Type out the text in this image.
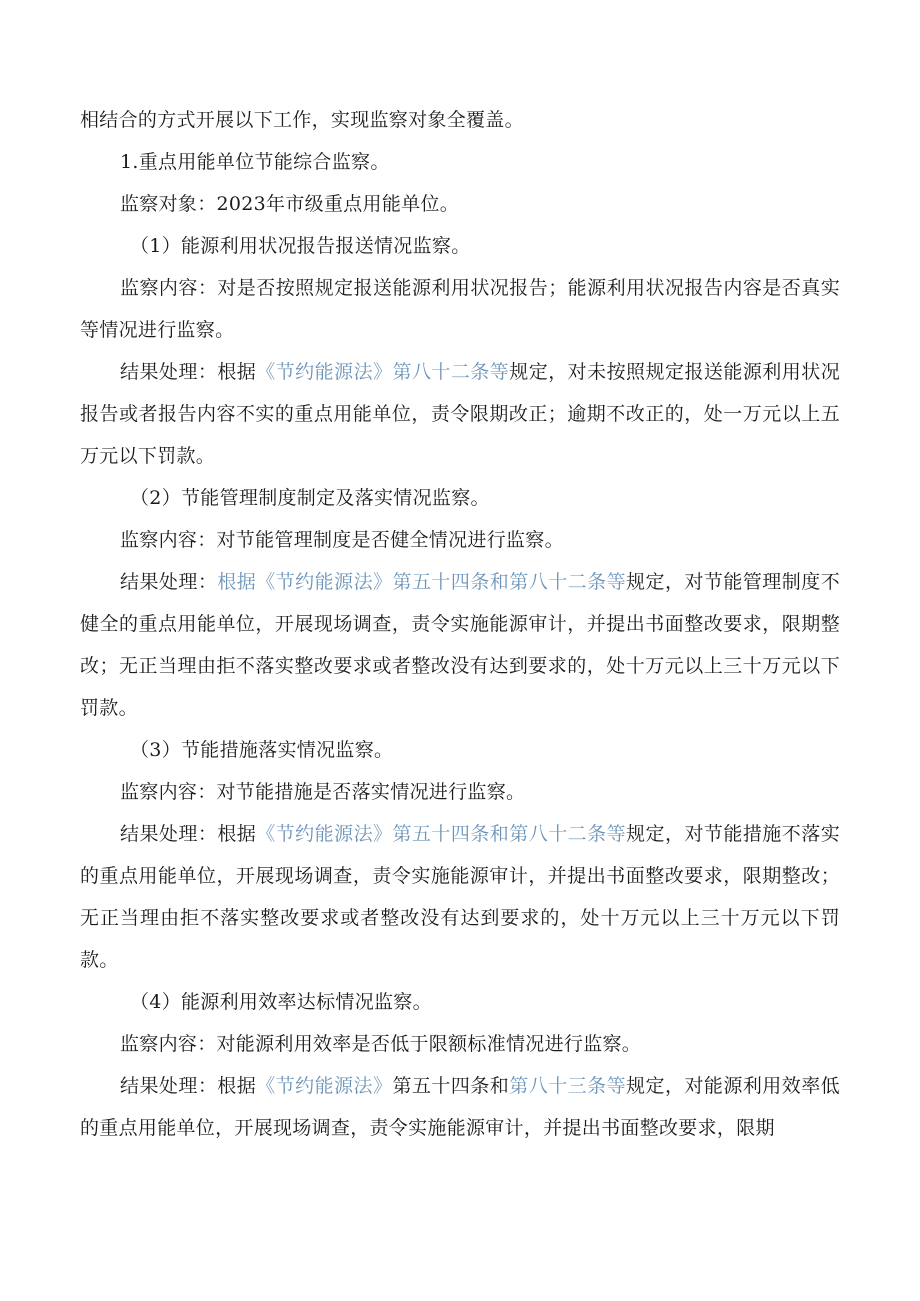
相结合的方式开展以下工作，实现监察对象全覆盖。

1.重点用能单位节能综合监察。

监察对象：2023年市级重点用能单位。

（1）能源利用状况报告报送情况监察。

监察内容：对是否按照规定报送能源利用状况报告；能源利用状况报告内容是否真实等情况进行监察。

结果处理：根据《节约能源法》第八十二条等规定，对未按照规定报送能源利用状况报告或者报告内容不实的重点用能单位，责令限期改正；逾期不改正的，处一万元以上五万元以下罚款。

（2）节能管理制度制定及落实情况监察。

监察内容：对节能管理制度是否健全情况进行监察。

结果处理：根据《节约能源法》第五十四条和第八十二条等规定，对节能管理制度不健全的重点用能单位，开展现场调查，责令实施能源审计，并提出书面整改要求，限期整改；无正当理由拒不落实整改要求或者整改没有达到要求的，处十万元以上三十万元以下罚款。

（3）节能措施落实情况监察。

监察内容：对节能措施是否落实情况进行监察。

结果处理：根据《节约能源法》第五十四条和第八十二条等规定，对节能措施不落实的重点用能单位，开展现场调查，责令实施能源审计，并提出书面整改要求，限期整改；无正当理由拒不落实整改要求或者整改没有达到要求的，处十万元以上三十万元以下罚款。

（4）能源利用效率达标情况监察。

监察内容：对能源利用效率是否低于限额标准情况进行监察。

结果处理：根据《节约能源法》第五十四条和第八十三条等规定，对能源利用效率低的重点用能单位，开展现场调查，责令实施能源审计，并提出书面整改要求，限期
